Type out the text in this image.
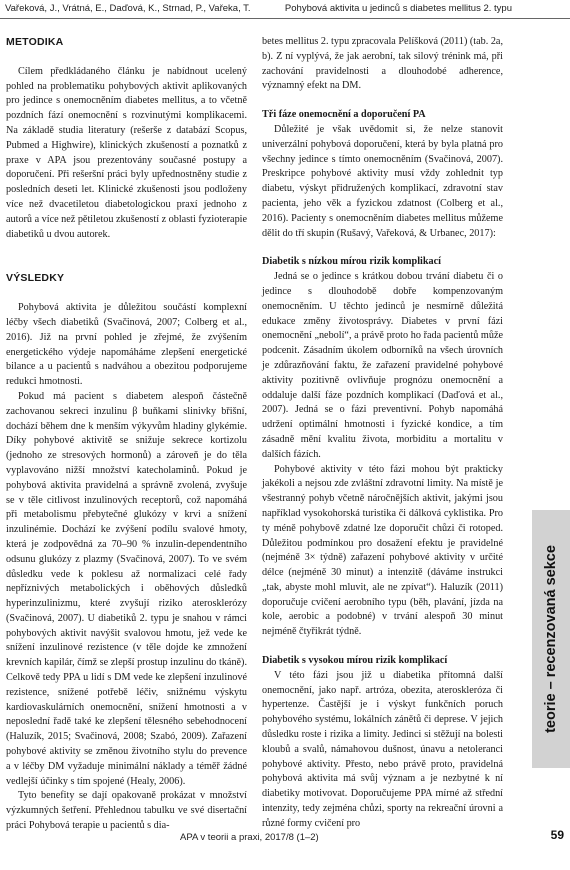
Vařeková, J., Vrátná, E., Daďová, K., Strnad, P., Vařeka, T.	Pohybová aktivita u jedinců s diabetes mellitus 2. typu
METODIKA

Cílem předkládaného článku je nabídnout ucelený pohled na problematiku pohybových aktivit aplikovaných pro jedince s onemocněním diabetes mellitus, a to včetně pozdních fází onemocnění s rozvinutými komplikacemi. Na základě studia literatury (rešerše z databází Scopus, Pubmed a Highwire), klinických zkušeností a poznatků z praxe v APA jsou prezentovány současné postupy a doporučení. Při rešeršní práci byly upřednostněny studie z posledních deseti let. Klinické zkušenosti jsou podloženy více než dvacetiletou diabetologickou praxí jednoho z autorů a více než pětiletou zkušeností z oblasti fyzioterapie diabetiků u dvou autorek.

VÝSLEDKY

Pohybová aktivita je důležitou součástí komplexní léčby všech diabetiků (Svačinová, 2007; Colberg et al., 2016). Již na první pohled je zřejmé, že zvýšením energetického výdeje napomáháme zlepšení energetické bilance a u pacientů s nadváhou a obezitou podporujeme redukci hmotnosti.

Pokud má pacient s diabetem alespoň částečně zachovanou sekreci inzulinu β buňkami slinivky břišní, dochází během dne k menším výkyvům hladiny glykémie. Díky pohybové aktivitě se snižuje sekrece kortizolu (jednoho ze stresových hormonů) a zároveň je do těla vyplavováno nižší množství katecholaminů. Pokud je pohybová aktivita pravidelná a správně zvolená, zvyšuje se v těle citlivost inzulinových receptorů, což napomáhá při metabolismu přebytečné glukózy v krvi a snížení inzulinémie. Dochází ke zvýšení podílu svalové hmoty, která je zodpovědná za 70–90 % inzulin-dependentního odsunu glukózy z plazmy (Svačinová, 2007). To ve svém důsledku vede k poklesu až normalizaci celé řady nepříznivých metabolických i oběhových důsledků hyperinzulinizmu, které zvyšují riziko aterosklerózy (Svačinová, 2007). U diabetiků 2. typu je snahou v rámci pohybových aktivit navýšit svalovou hmotu, jež vede ke snížení inzulinové rezistence (v těle dojde ke zmnožení krevních kapilár, čímž se zlepší prostup inzulinu do tkáně). Celkově tedy PPA u lidí s DM vede ke zlepšení inzulinové rezistence, snížené potřebě léčiv, snižnému výskytu kardiovaskulárních onemocnění, snížení hmotnosti a v neposlední řadě také ke zlepšení tělesného sebehodnocení (Haluzík, 2015; Svačinová, 2008; Szabó, 2009). Zařazení pohybové aktivity se změnou životního stylu do prevence a v léčby DM vyžaduje minimální náklady a téměř žádné vedlejší účinky s tím spojené (Healy, 2006).

Tyto benefity se dají opakovaně prokázat v množství výzkumných šetření. Přehlednou tabulku ve své disertační práci Pohybová terapie u pacientů s dia-

betes mellitus 2. typu zpracovala Pelíšková (2011) (tab. 2a, b). Z ní vyplývá, že jak aerobní, tak silový trénink má, při zachování pravidelnosti a dlouhodobé adherence, významný efekt na DM.

Tři fáze onemocnění a doporučení PA

Důležité je však uvědomit si, že nelze stanovit univerzální pohybová doporučení, která by byla platná pro všechny jedince s tímto onemocněním (Svačinová, 2007). Preskripce pohybové aktivity musí vždy zohlednit typ diabetu, výskyt přidružených komplikací, zdravotní stav pacienta, jeho věk a fyzickou zdatnost (Colberg et al., 2016). Pacienty s onemocněním diabetes mellitus můžeme dělit do tří skupin (Rušavý, Vařeková, & Urbanec, 2017):

Diabetik s nízkou mírou rizik komplikací

Jedná se o jedince s krátkou dobou trvání diabetu či o jedince s dlouhodobě dobře kompenzovaným onemocněním. U těchto jedinců je nesmírně důležitá edukace změny životosprávy. Diabetes v první fázi onemocnění „nebolí“, a právě proto ho řada pacientů může podcenit. Zásadním úkolem odborníků na všech úrovních je zdůrazňování faktu, že zařazení pravidelné pohybové aktivity pozitivně ovlivňuje prognózu onemocnění a oddaluje další fáze pozdních komplikací (Daďová et al., 2007). Jedná se o fázi preventivní. Pohyb napomáhá udržení optimální hmotnosti i fyzické kondice, a tím zásadně mění kvalitu života, morbiditu a mortalitu v dalších fázích.

Pohybové aktivity v této fázi mohou být prakticky jakékoli a nejsou zde zvláštní zdravotní limity. Na místě je všestranný pohyb včetně náročnějších aktivit, jakými jsou například vysokohorská turistika či dálková cyklistika. Pro ty méně pohybově zdatné lze doporučit chůzi či rotoped. Důležitou podmínkou pro dosažení efektu je pravidelné (nejméně 3× týdně) zařazení pohybové aktivity v určité délce (nejméně 30 minut) a intenzitě (dáváme instrukci „tak, abyste mohl mluvit, ale ne zpívat“). Haluzík (2011) doporučuje cvičení aerobního typu (běh, plavání, jízda na kole, aerobic a podobné) v trvání alespoň 30 minut nejméně čtyřikrát týdně.

Diabetik s vysokou mírou rizik komplikací

V této fázi jsou již u diabetika přítomná další onemocnění, jako např. artróza, obezita, ateroskleróza či hypertenze. Častější je i výskyt funkčních poruch pohybového systému, lokálních zánětů či deprese. V jejich důsledku roste i rizika a limity. Jedinci si stěžují na bolesti kloubů a svalů, námahovou dušnost, únavu a netoleranci pohybové aktivity. Přesto, nebo právě proto, pravidelná pohybová aktivita má svůj význam a je nezbytné k ní diabetiky motivovat. Doporučujeme PPA mírné až střední intenzity, tedy zejména chůzi, sporty na rekreační úrovni a různé formy cvičení pro

teorie – recenzovaná sekce
APA v teorii a praxi, 2017/8 (1–2)	59
